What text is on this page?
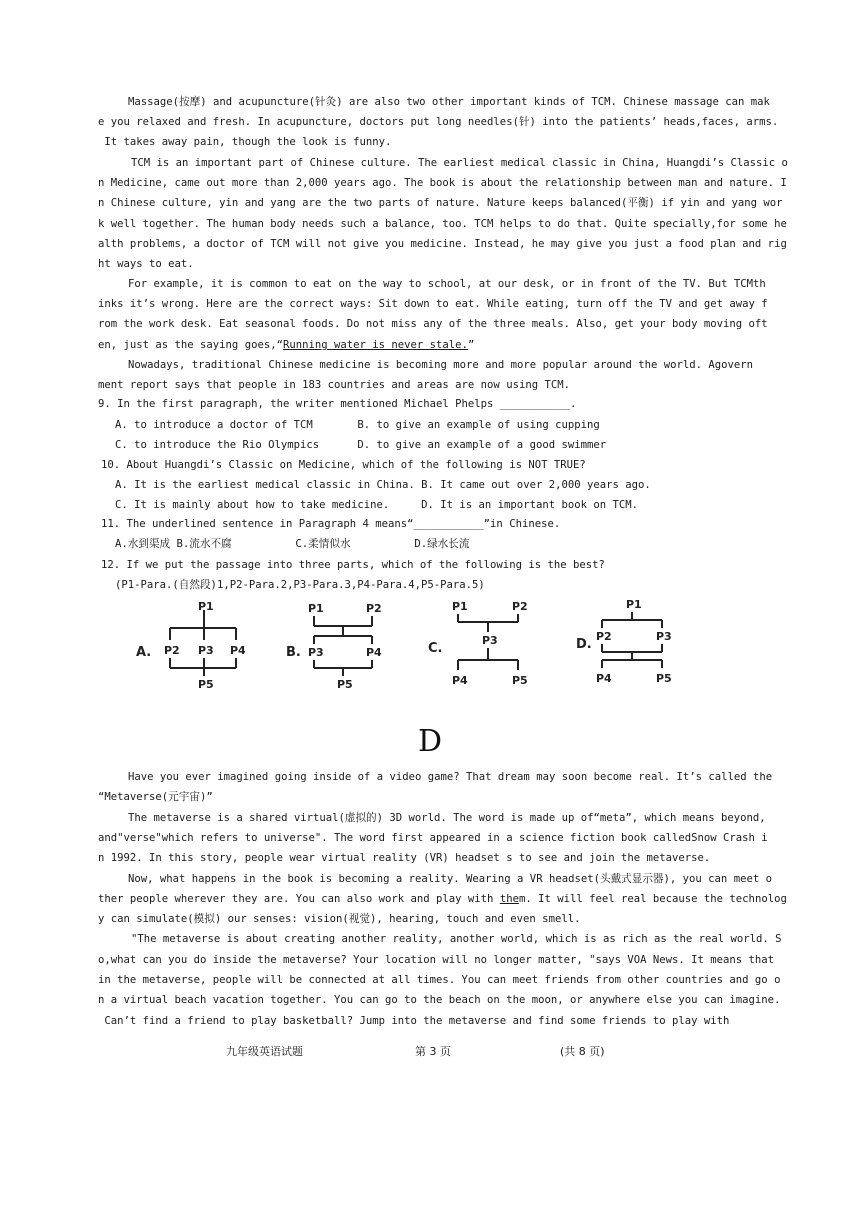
Massage(按摩) and acupuncture(针灸) are also two other important kinds of TCM. Chinese massage can mak
e you relaxed and fresh. In acupuncture, doctors put long needles(针) into the patients’ heads,faces, arms.
It takes away pain, though the look is funny.
TCM is an important part of Chinese culture. The earliest medical classic in China, Huangdi’s Classic o
n Medicine, came out more than 2,000 years ago. The book is about the relationship between man and nature. I
n Chinese culture, yin and yang are the two parts of nature. Nature keeps balanced(平衡) if yin and yang wor
k well together. The human body needs such a balance, too. TCM helps to do that. Quite specially,for some he
alth problems, a doctor of TCM will not give you medicine. Instead, he may give you just a food plan and rig
ht ways to eat.
For example, it is common to eat on the way to school, at our desk, or in front of the TV. But TCMth
inks it’s wrong. Here are the correct ways: Sit down to eat. While eating, turn off the TV and get away f
rom the work desk. Eat seasonal foods. Do not miss any of the three meals. Also, get your body moving oft
en, just as the saying goes,“Running water is never stale.”
Nowadays, traditional Chinese medicine is becoming more and more popular around the world. Agovern
ment report says that people in 183 countries and areas are now using TCM.
9. In the first paragraph, the writer mentioned Michael Phelps ___________.
A. to introduce a doctor of TCM       B. to give an example of using cupping
C. to introduce the Rio Olympics      D. to give an example of a good swimmer
10. About Huangdi’s Classic on Medicine, which of the following is NOT TRUE?
A. It is the earliest medical classic in China. B. It came out over 2,000 years ago.
C. It is mainly about how to take medicine.     D. It is an important book on TCM.
11. The underlined sentence in Paragraph 4 means“___________”in Chinese.
A.水到渠成 B.流水不腐          C.柔情似水          D.绿水长流
12. If we put the passage into three parts, which of the following is the best?
(P1-Para.(自然段)1,P2-Para.2,P3-Para.3,P4-Para.4,P5-Para.5)
A.
P1
P2 P3 P4
P5
B.
P1	P2
P3	P4
P5
C.
P1	P2
P3
P4	P5
D.
P1
P2	P3
P4	P5
D
Have you ever imagined going inside of a video game? That dream may soon become real. It’s called the
“Metaverse(元宇宙)”
The metaverse is a shared virtual(虚拟的) 3D world. The word is made up of“meta”, which means beyond,
and"verse"which refers to universe". The word first appeared in a science fiction book calledSnow Crash i
n 1992. In this story, people wear virtual reality (VR) headset s to see and join the metaverse.
Now, what happens in the book is becoming a reality. Wearing a VR headset(头戴式显示器), you can meet o
ther people wherever they are. You can also work and play with them. It will feel real because the technolog
y can simulate(模拟) our senses: vision(视觉), hearing, touch and even smell.
"The metaverse is about creating another reality, another world, which is as rich as the real world. S
o,what can you do inside the metaverse? Your location will no longer matter, "says VOA News. It means that
in the metaverse, people will be connected at all times. You can meet friends from other countries and go o
n a virtual beach vacation together. You can go to the beach on the moon, or anywhere else you can imagine.
Can’t find a friend to play basketball? Jump into the metaverse and find some friends to play with
九年级英语试题	第 3 页	(共 8 页)
